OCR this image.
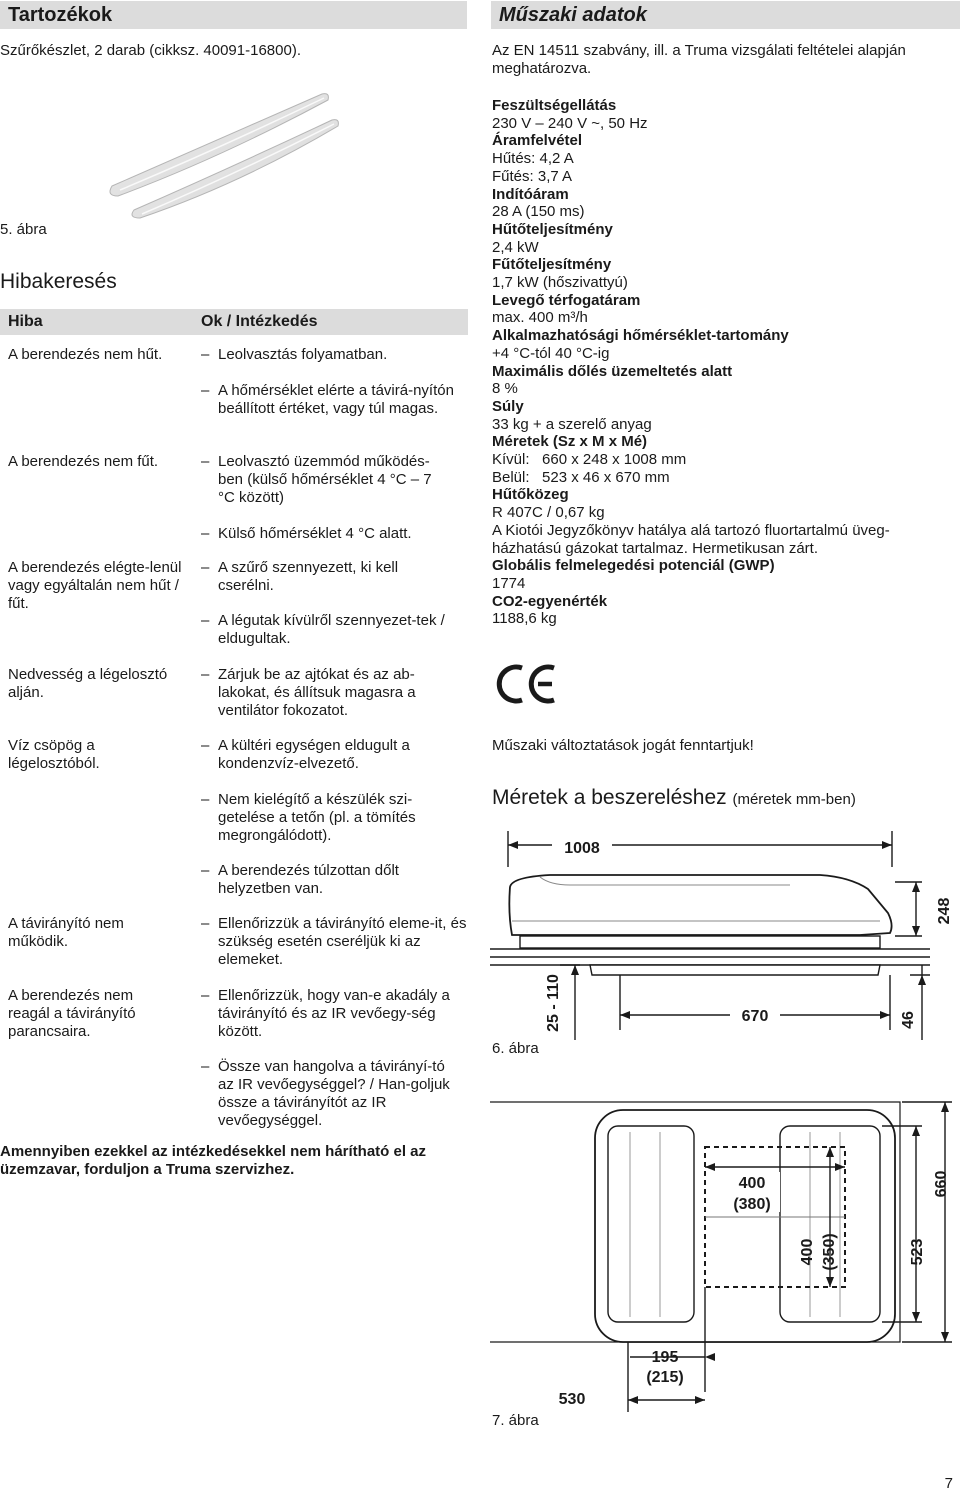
Tartozékok
Szűrőkészlet, 2 darab (cikksz. 40091-16800).
5. ábra
Hibakeresés
Hiba	Ok / Intézkedés
A berendezés nem hűt.	– Leolvasztás folyamatban.
– A hőmérséklet elérte a távirá-nyítón beállított értéket, vagy túl magas.
A berendezés nem fűt.	– Leolvasztó üzemmód működés-ben (külső hőmérséklet 4 °C – 7 °C között)
– Külső hőmérséklet 4 °C alatt.
A berendezés elégte-lenül vagy egyáltalán nem hűt / fűt.
– A szűrő szennyezett, ki kell cserélni.
– A légutak kívülről szennyezet-tek / eldugultak.
Nedvesség a légelosztó alján.
– Zárjuk be az ajtókat és az ab-lakokat, és állítsuk magasra a ventilátor fokozatot.
Víz csöpög a légelosztóból.
– A kültéri egységen eldugult a kondenzvíz-elvezető.
– Nem kielégítő a készülék szi-getelése a tetőn (pl. a tömítés megrongálódott).
– A berendezés túlzottan dőlt helyzetben van.
A távirányító nem működik.
– Ellenőrizzük a távirányító eleme-it, és szükség esetén cseréljük ki az elemeket.
A berendezés nem reagál a távirányító parancsaira.
– Ellenőrizzük, hogy van-e akadály a távirányító és az IR vevőegy-ség között.
– Össze van hangolva a távirányí-tó az IR vevőegységgel? / Han-goljuk össze a távirányítót az IR vevőegységgel.
Amennyiben ezekkel az intézkedésekkel nem hárítható el az üzemzavar, forduljon a Truma szervizhez.
Műszaki adatok
Az EN 14511 szabvány, ill. a Truma vizsgálati feltételei alapján meghatározva.
Feszültségellátás
230 V – 240 V ~, 50 Hz
Áramfelvétel
Hűtés: 4,2 A
Fűtés: 3,7 A
Indítóáram
28 A (150 ms)
Hűtőteljesítmény
2,4 kW
Fűtőteljesítmény
1,7 kW (hőszivattyú)
Levegő térfogatáram
max. 400 m³/h
Alkalmazhatósági hőmérséklet-tartomány
+4 °C-tól 40 °C-ig
Maximális dőlés üzemeltetés alatt
8 %
Súly
33 kg + a szerelő anyag
Méretek (Sz x M x Mé)
Kívül:   660 x 248 x 1008 mm
Belül:   523 x 46 x 670 mm
Hűtőközeg
R 407C / 0,67 kg
A Kiotói Jegyzőkönyv hatálya alá tartozó fluortartalmú üveg-házhatású gázokat tartalmaz. Hermetikusan zárt.
Globális felmelegedési potenciál (GWP)
1774
CO2-egyenérték
1188,6 kg
Műszaki változtatások jogát fenntartjuk!
Méretek a beszereléshez (méretek mm-ben)
1008
248
25 - 110	670	46
6. ábra
400
(380)
400 (350)	523
660
195
(215)
530
7. ábra
7
